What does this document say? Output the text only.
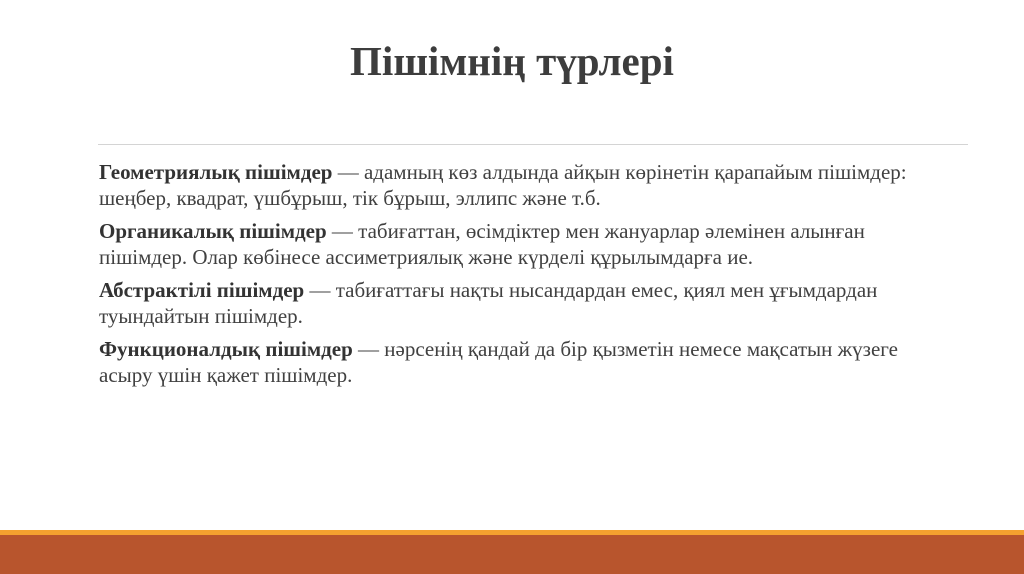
Пішімнің түрлері

Геометриялық пішімдер — адамның көз алдында айқын көрінетін қарапайым пішімдер: шеңбер, квадрат, үшбұрыш, тік бұрыш, эллипс және т.б.

Органикалық пішімдер — табиғаттан, өсімдіктер мен жануарлар әлемінен алынған пішімдер. Олар көбінесе ассиметриялық және күрделі құрылымдарға ие.

Абстрактілі пішімдер — табиғаттағы нақты нысандардан емес, қиял мен ұғымдардан туындайтын пішімдер.

Функционалдық пішімдер — нәрсенің қандай да бір қызметін немесе мақсатын жүзеге асыру үшін қажет пішімдер.
